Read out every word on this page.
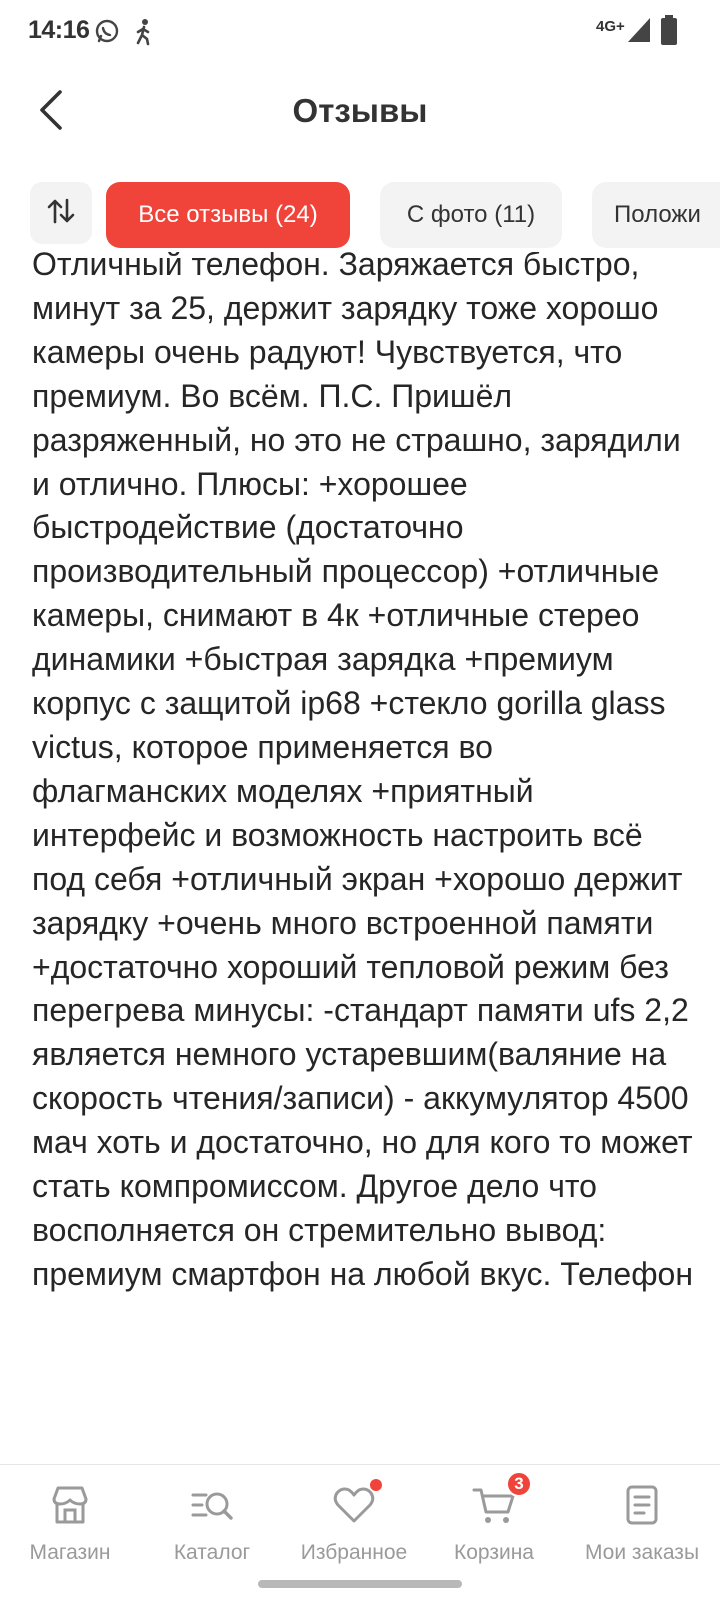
14:16	4G+
Отзывы
Все отзывы (24)	С фото (11)	Положи
Отличный телефон. Заряжается быстро, минут за 25, держит зарядку тоже хорошо камеры очень радуют! Чувствуется, что премиум. Во всём. П.С. Пришёл разряженный, но это не страшно, зарядили и отлично. Плюсы: +хорошее быстродействие (достаточно производительный процессор) +отличные камеры, снимают в 4к +отличные стерео динамики +быстрая зарядка +премиум корпус с защитой ip68 +стекло gorilla glass victus, которое применяется во флагманских моделях +приятный интерфейс и возможность настроить всё под себя +отличный экран +хорошо держит зарядку +очень много встроенной памяти +достаточно хороший тепловой режим без перегрева минусы: -стандарт памяти ufs 2,2 является немного устаревшим(валяние на скорость чтения/записи) - аккумулятор 4500 мач хоть и достаточно, но для кого то может стать компромиссом. Другое дело что восполняется он стремительно вывод: премиум смартфон на любой вкус. Телефон
Магазин	Каталог Избранное
3
Корзина Мои заказы
